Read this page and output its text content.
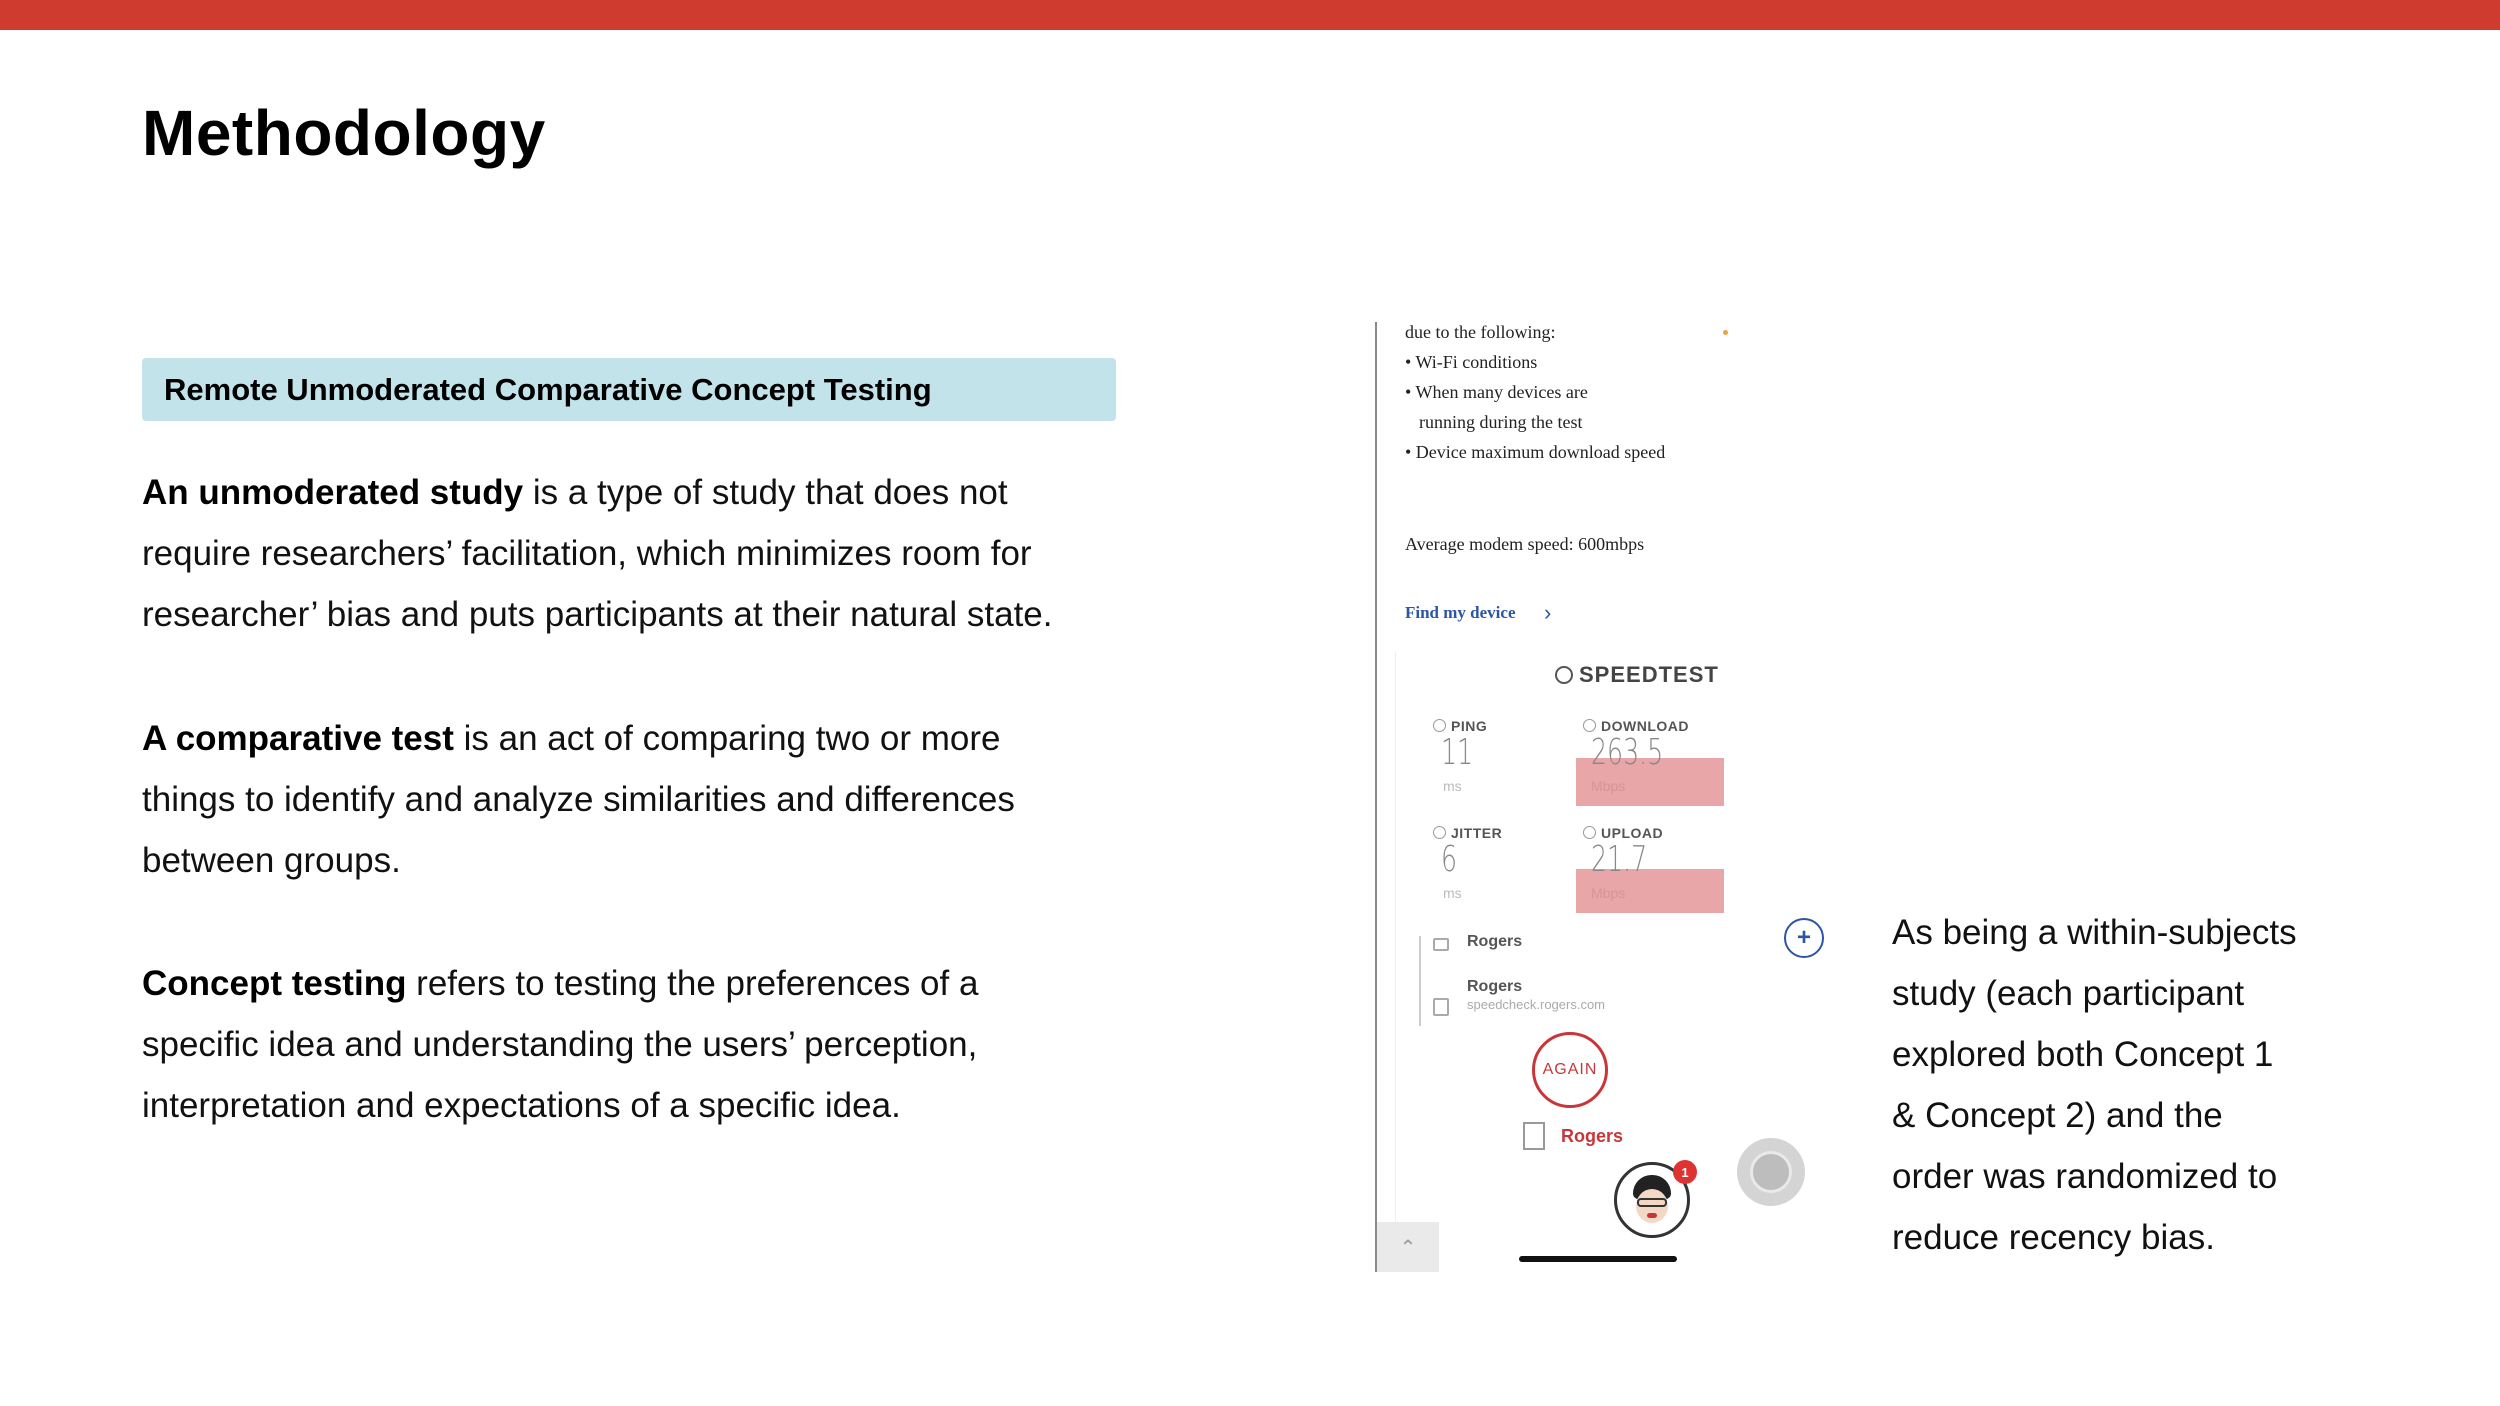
Methodology
Remote Unmoderated Comparative Concept Testing

An unmoderated study is a type of study that does not
require researchers’ facilitation, which minimizes room for
researcher’ bias and puts participants at their natural state.

A comparative test is an act of comparing two or more
things to identify and analyze similarities and differences
between groups.

Concept testing refers to testing the preferences of a
specific idea and understanding the users’ perception,
interpretation and expectations of a specific idea.

due to the following:
• Wi-Fi conditions
• When many devices are
running during the test
• Device maximum download speed
Average modem speed: 600mbps
Find my device ›
SPEEDTEST
PING
11
ms
DOWNLOAD
263.5
Mbps
JITTER
6
ms
UPLOAD
21.7
Mbps
Rogers
Rogers
speedcheck.rogers.com
AGAIN
Rogers
1
⌃
+	As being a within-subjects
study (each participant
explored both Concept 1
& Concept 2) and the
order was randomized to
reduce recency bias.
